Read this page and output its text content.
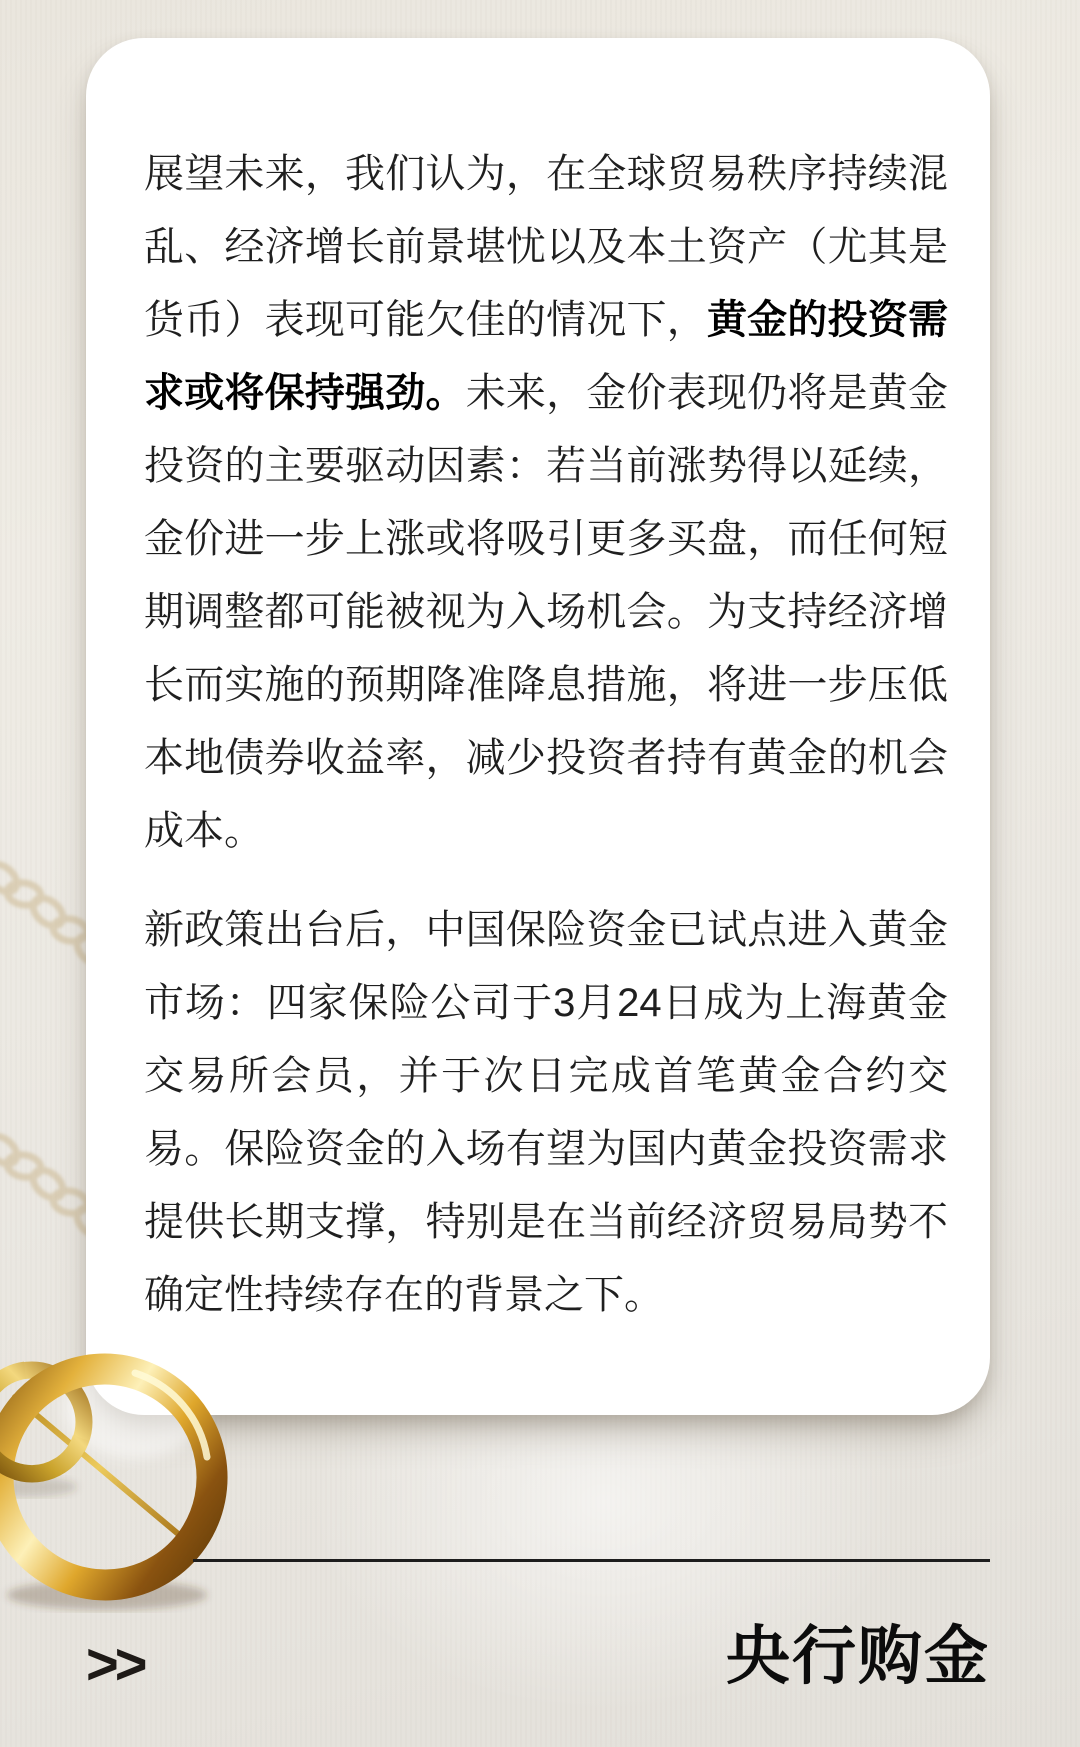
展望未来，我们认为，在全球贸易秩序持续混乱、经济增长前景堪忧以及本土资产（尤其是货币）表现可能欠佳的情况下，黄金的投资需求或将保持强劲。未来，金价表现仍将是黄金投资的主要驱动因素：若当前涨势得以延续，金价进一步上涨或将吸引更多买盘，而任何短期调整都可能被视为入场机会。为支持经济增长而实施的预期降准降息措施，将进一步压低本地债券收益率，减少投资者持有黄金的机会成本。

新政策出台后，中国保险资金已试点进入黄金市场：四家保险公司于3月24日成为上海黄金交易所会员，并于次日完成首笔黄金合约交易。保险资金的入场有望为国内黄金投资需求提供长期支撑，特别是在当前经济贸易局势不确定性持续存在的背景之下。

>>	央行购金
